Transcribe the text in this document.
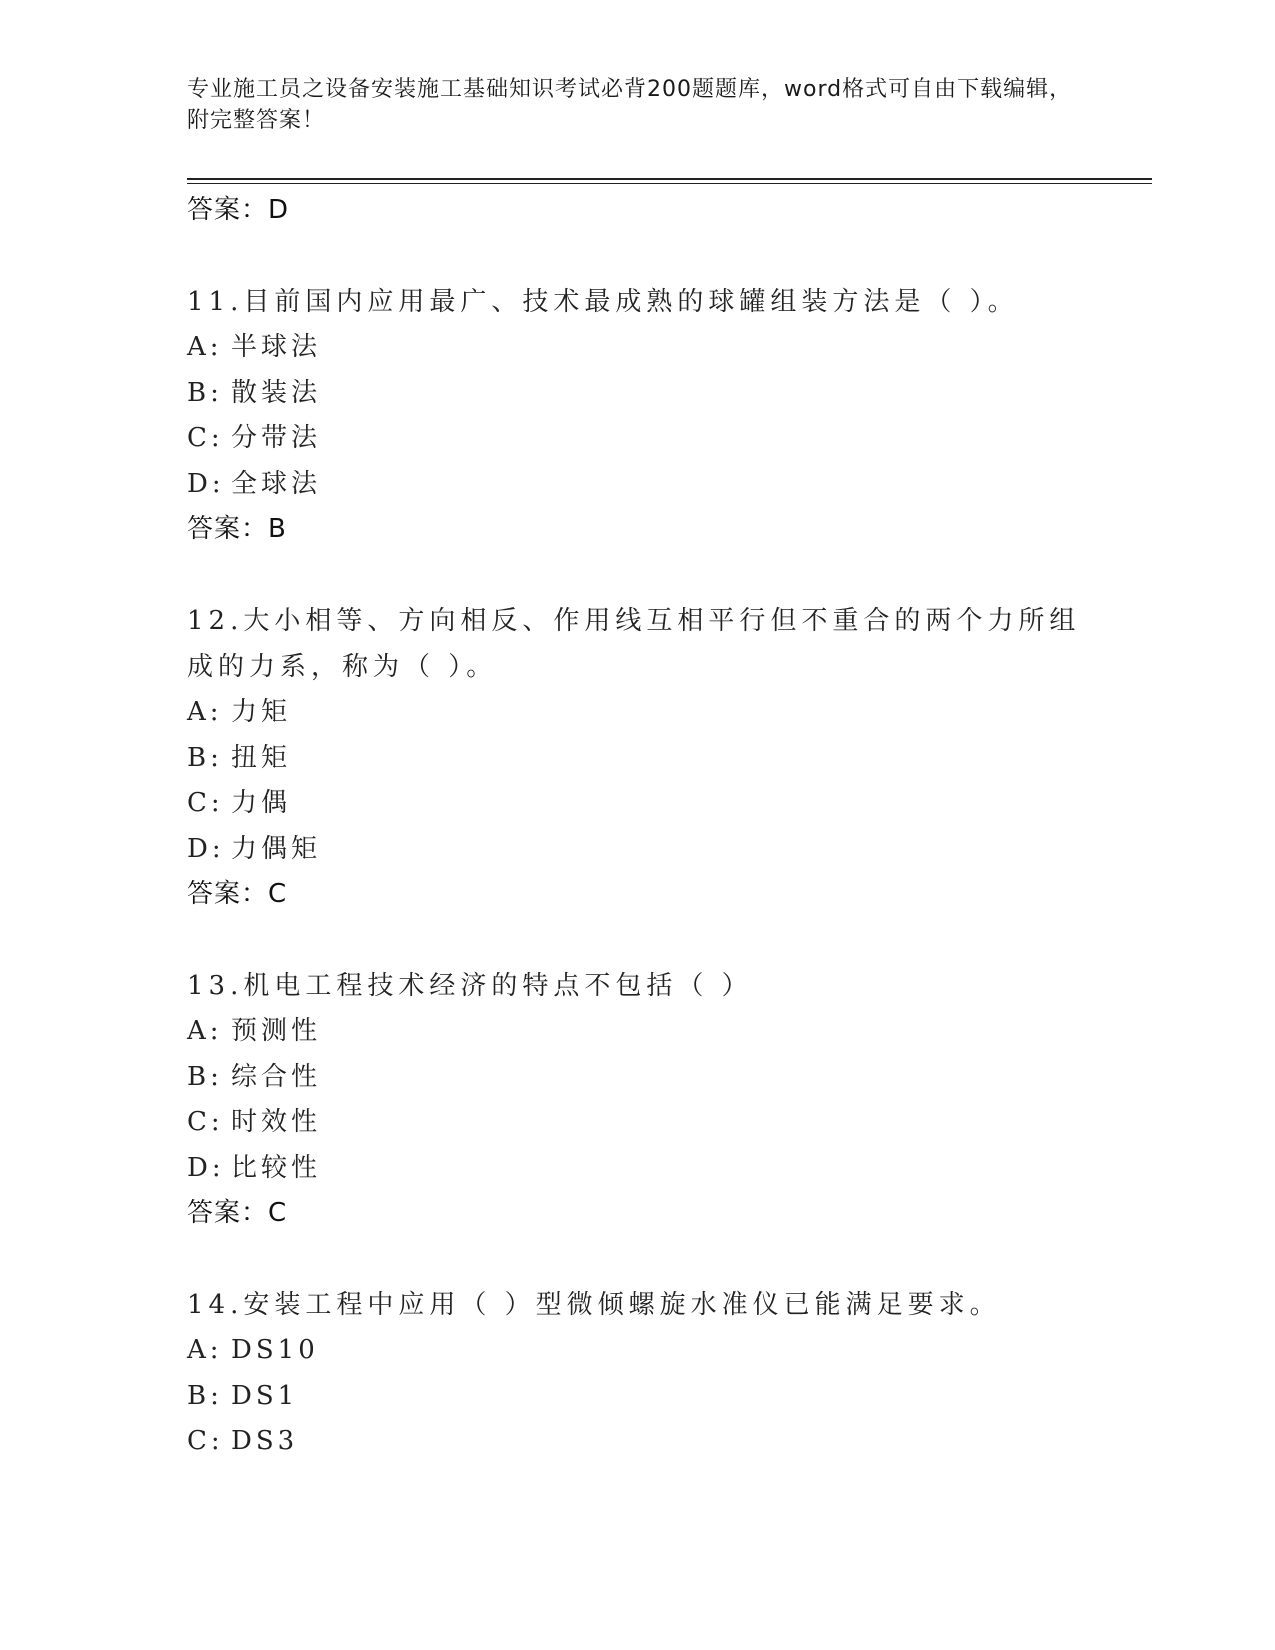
专业施工员之设备安装施工基础知识考试必背200题题库，word格式可自由下载编辑，附完整答案！
答案：D

11.目前国内应用最广、技术最成熟的球罐组装方法是（ ）。

A: 半球法
B: 散装法
C: 分带法
D: 全球法
答案：B

12.大小相等、方向相反、作用线互相平行但不重合的两个力所组成的力系，称为（ ）。

A: 力矩
B: 扭矩
C: 力偶
D: 力偶矩
答案：C

13.机电工程技术经济的特点不包括（ ）

A: 预测性
B: 综合性
C: 时效性
D: 比较性
答案：C

14.安装工程中应用（ ）型微倾螺旋水准仪已能满足要求。

A: DS10
B: DS1
C: DS3
